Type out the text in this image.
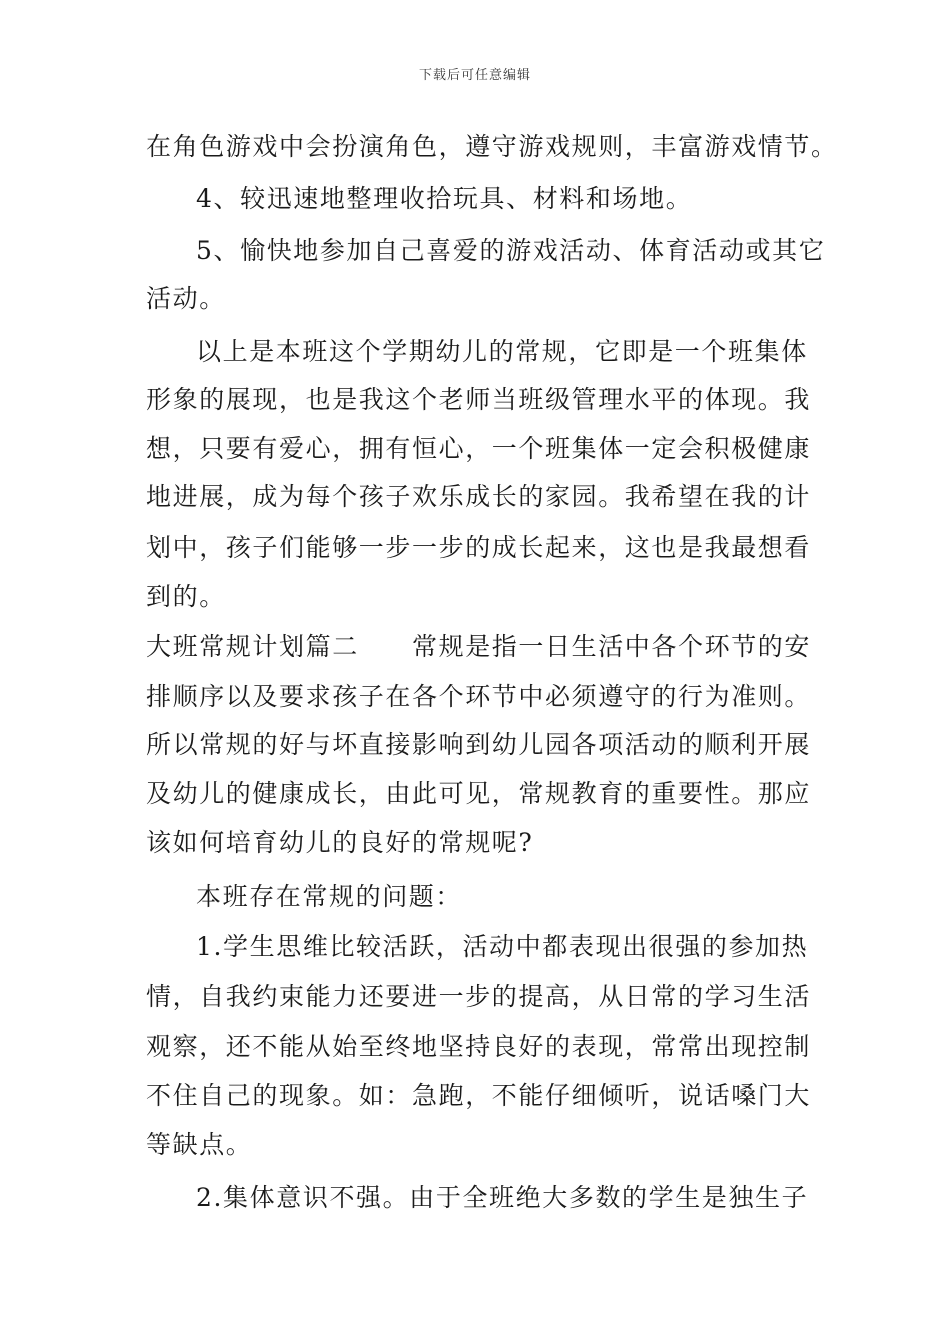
下载后可任意编辑
在角色游戏中会扮演角色，遵守游戏规则，丰富游戏情节。
4、较迅速地整理收拾玩具、材料和场地。
5、愉快地参加自己喜爱的游戏活动、体育活动或其它
活动。
以上是本班这个学期幼儿的常规，它即是一个班集体
形象的展现，也是我这个老师当班级管理水平的体现。我
想，只要有爱心，拥有恒心，一个班集体一定会积极健康
地进展，成为每个孩子欢乐成长的家园。我希望在我的计
划中，孩子们能够一步一步的成长起来，这也是我最想看
到的。
大班常规计划篇二　　常规是指一日生活中各个环节的安
排顺序以及要求孩子在各个环节中必须遵守的行为准则。
所以常规的好与坏直接影响到幼儿园各项活动的顺利开展
及幼儿的健康成长，由此可见，常规教育的重要性。那应
该如何培育幼儿的良好的常规呢?
本班存在常规的问题：
1.学生思维比较活跃，活动中都表现出很强的参加热
情，自我约束能力还要进一步的提高，从日常的学习生活
观察，还不能从始至终地坚持良好的表现，常常出现控制
不住自己的现象。如：急跑，不能仔细倾听，说话嗓门大
等缺点。
2.集体意识不强。由于全班绝大多数的学生是独生子
